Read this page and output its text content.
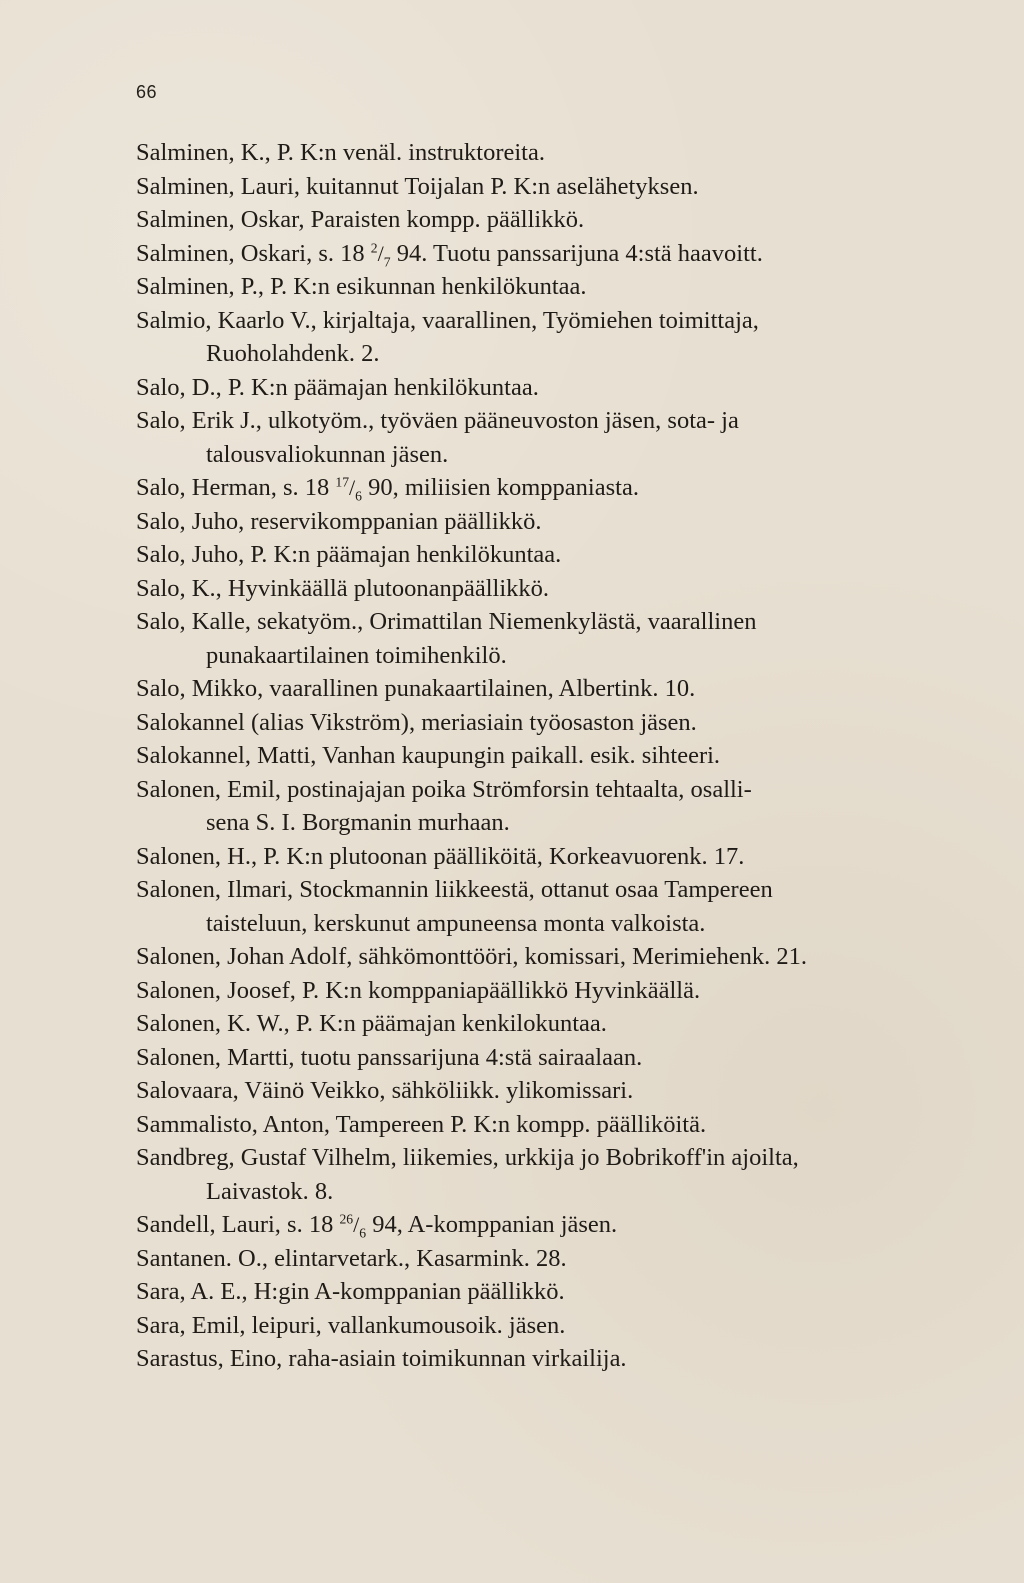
66
Salminen, K., P. K:n venäl. instruktoreita.
Salminen, Lauri, kuitannut Toijalan P. K:n aselähetyksen.
Salminen, Oskar, Paraisten kompp. päällikkö.
Salminen, Oskari, s. 18 $^2/_7$ 94. Tuotu panssarijuna 4:stä haavoitt.
Salminen, P., P. K:n esikunnan henkilökuntaa.
Salmio, Kaarlo V., kirjaltaja, vaarallinen, Työmiehen toimittaja,
Ruoholahdenk. 2.
Salo, D., P. K:n päämajan henkilökuntaa.
Salo, Erik J., ulkotyöm., työväen pääneuvoston jäsen, sota- ja
talousvaliokunnan jäsen.
Salo, Herman, s. 18 $^{17}/_6$ 90, miliisien komppaniasta.
Salo, Juho, reservikomppanian päällikkö.
Salo, Juho, P. K:n päämajan henkilökuntaa.
Salo, K., Hyvinkäällä plutoonanpäällikkö.
Salo, Kalle, sekatyöm., Orimattilan Niemenkylästä, vaarallinen
punakaartilainen toimihenkilö.
Salo, Mikko, vaarallinen punakaartilainen, Albertink. 10.
Salokannel (alias Vikström), meriasiain työosaston jäsen.
Salokannel, Matti, Vanhan kaupungin paikall. esik. sihteeri.
Salonen, Emil, postinajajan poika Strömforsin tehtaalta, osalli-
sena S. I. Borgmanin murhaan.
Salonen, H., P. K:n plutoonan päälliköitä, Korkeavuorenk. 17.
Salonen, Ilmari, Stockmannin liikkeestä, ottanut osaa Tampereen
taisteluun, kerskunut ampuneensa monta valkoista.
Salonen, Johan Adolf, sähkömonttööri, komissari, Merimiehenk. 21.
Salonen, Joosef, P. K:n komppaniapäällikkö Hyvinkäällä.
Salonen, K. W., P. K:n päämajan kenkilokuntaa.
Salonen, Martti, tuotu panssarijuna 4:stä sairaalaan.
Salovaara, Väinö Veikko, sähköliikk. ylikomissari.
Sammalisto, Anton, Tampereen P. K:n kompp. päälliköitä.
Sandbreg, Gustaf Vilhelm, liikemies, urkkija jo Bobrikoff'in ajoilta,
Laivastok. 8.
Sandell, Lauri, s. 18 $^{26}/_6$ 94, A-komppanian jäsen.
Santanen. O., elintarvetark., Kasarmink. 28.
Sara, A. E., H:gin A-komppanian päällikkö.
Sara, Emil, leipuri, vallankumousoik. jäsen.
Sarastus, Eino, raha-asiain toimikunnan virkailija.
